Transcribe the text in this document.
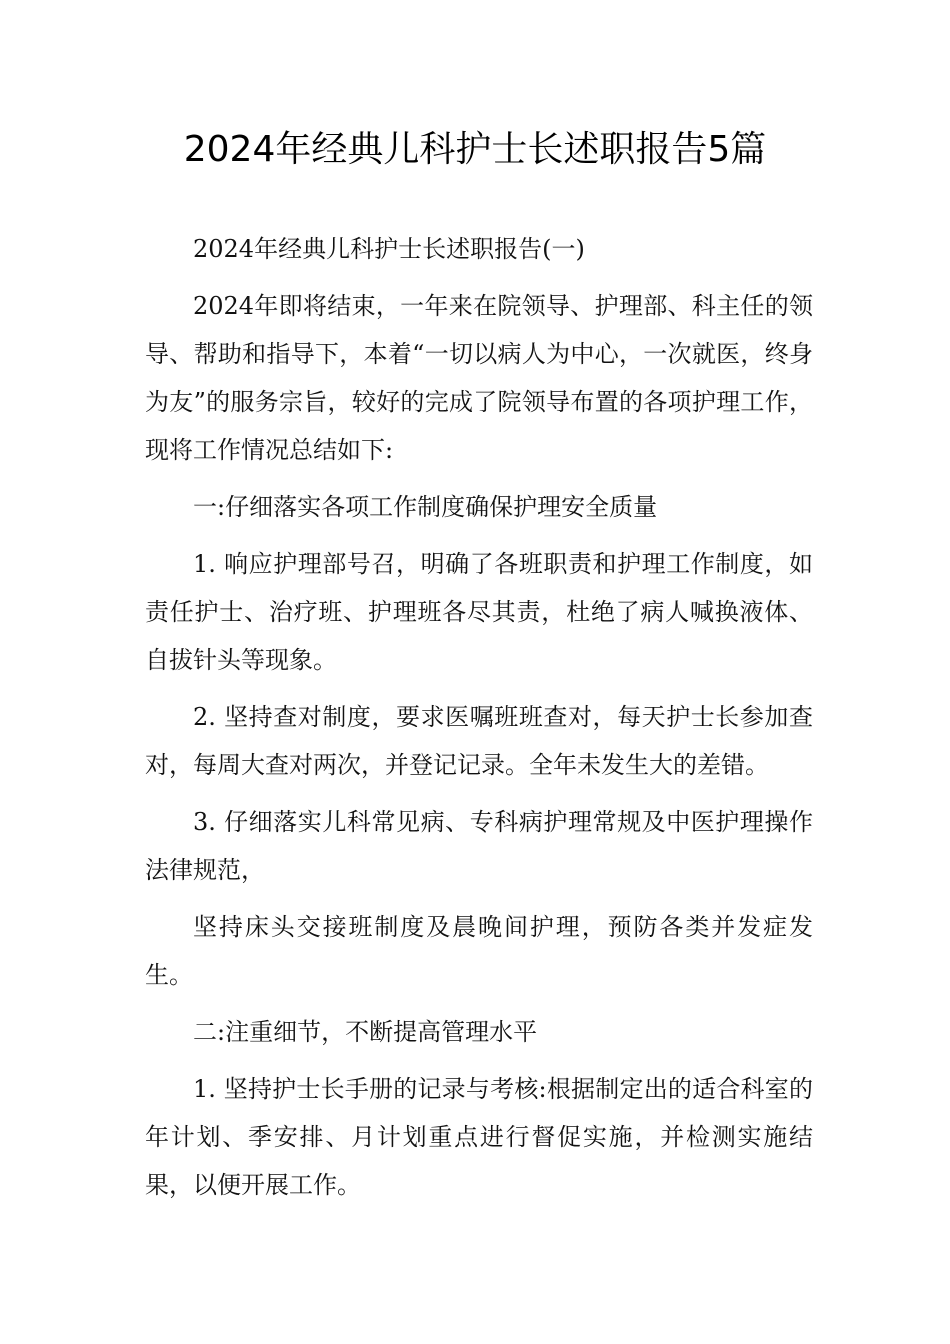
2024年经典儿科护士长述职报告5篇

2024年经典儿科护士长述职报告(一)

2024年即将结束，一年来在院领导、护理部、科主任的领导、帮助和指导下，本着“一切以病人为中心，一次就医，终身为友”的服务宗旨，较好的完成了院领导布置的各项护理工作，现将工作情况总结如下:

一:仔细落实各项工作制度确保护理安全质量

1. 响应护理部号召，明确了各班职责和护理工作制度，如责任护士、治疗班、护理班各尽其责，杜绝了病人喊换液体、自拔针头等现象。

2. 坚持查对制度，要求医嘱班班查对，每天护士长参加查对，每周大查对两次，并登记记录。全年未发生大的差错。

3. 仔细落实儿科常见病、专科病护理常规及中医护理操作法律规范，

坚持床头交接班制度及晨晚间护理，预防各类并发症发生。

二:注重细节，不断提高管理水平

1. 坚持护士长手册的记录与考核:根据制定出的适合科室的年计划、季安排、月计划重点进行督促实施，并检测实施结果，以便开展工作。
